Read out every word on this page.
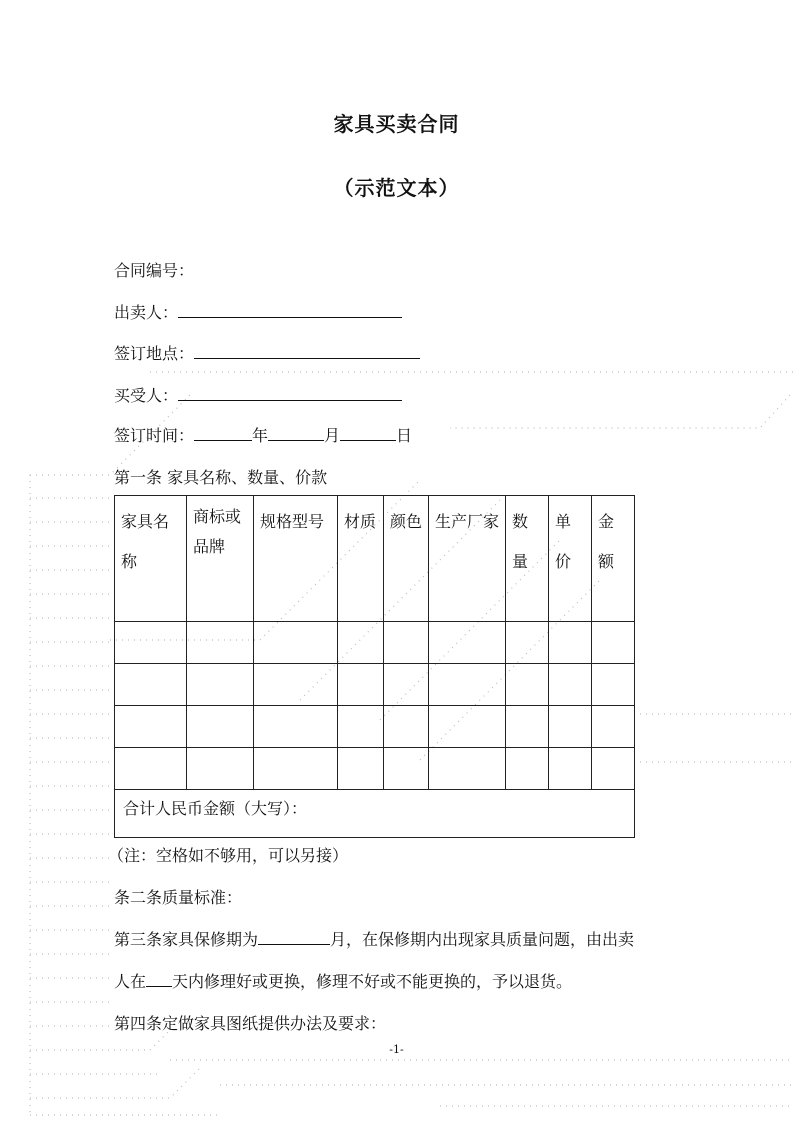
家具买卖合同
（示范文本）
合同编号：
出卖人：
签订地点：
买受人：
签订时间：	年	月	日
第一条 家具名称、数量、价款
家具名称	商标或品牌	规格型号	材质	颜色	生产厂家	数量	单价	金额

合计人民币金额（大写）：								
（注：空格如不够用，可以另接）
条二条质量标准：
第三条家具保修期为	月，在保修期内出现家具质量问题，由出卖
人在 天内修理好或更换，修理不好或不能更换的，予以退货。
第四条定做家具图纸提供办法及要求：
-1-
